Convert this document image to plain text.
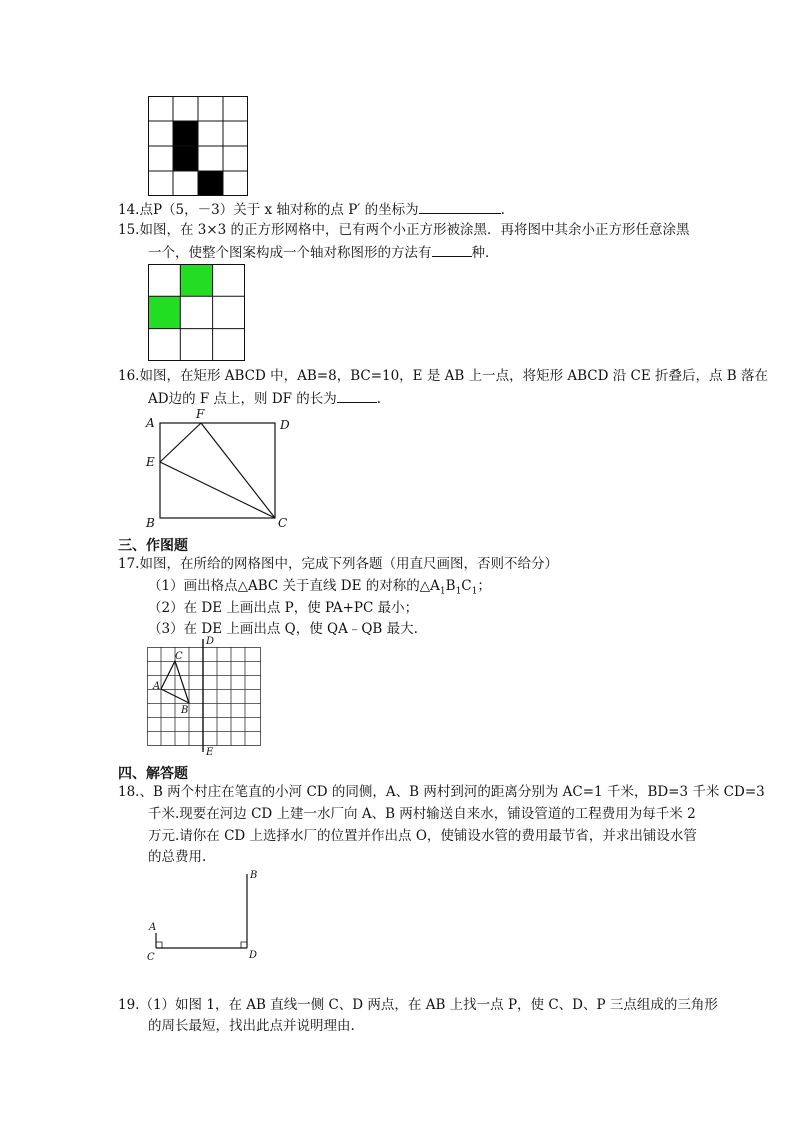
14.点P（5，－3）关于 x 轴对称的点 P′ 的坐标为	.
15.如图，在 3×3 的正方形网格中，已有两个小正方形被涂黑．再将图中其余小正方形任意涂黑
一个，使整个图案构成一个轴对称图形的方法有	种．
16.如图，在矩形 ABCD 中，AB=8，BC=10，E 是 AB 上一点，将矩形 ABCD 沿 CE 折叠后，点 B 落在
AD边的 F 点上，则 DF 的长为	.
A
F
D
E
B	C
三、作图题
17.如图，在所给的网格图中，完成下列各题（用直尺画图，否则不给分）
（1）画出格点△ABC 关于直线 DE 的对称的$\triangle A_1B_1C_1$；
（2）在 DE 上画出点 P，使 PA+PC 最小；
（3）在 DE 上画出点 Q，使 QA﹣QB 最大.
D
E
C
A
B
四、解答题
18.、B 两个村庄在笔直的小河 CD 的同侧，A、B 两村到河的距离分别为 AC=1 千米，BD=3 千米 CD=3
千米.现要在河边 CD 上建一水厂向 A、B 两村输送自来水，铺设管道的工程费用为每千米 2
万元.请你在 CD 上选择水厂的位置并作出点 O，使铺设水管的费用最节省，并求出铺设水管
的总费用.
B
A
C	D
19.（1）如图 1，在 AB 直线一侧 C、D 两点，在 AB 上找一点 P，使 C、D、P 三点组成的三角形
的周长最短，找出此点并说明理由.
